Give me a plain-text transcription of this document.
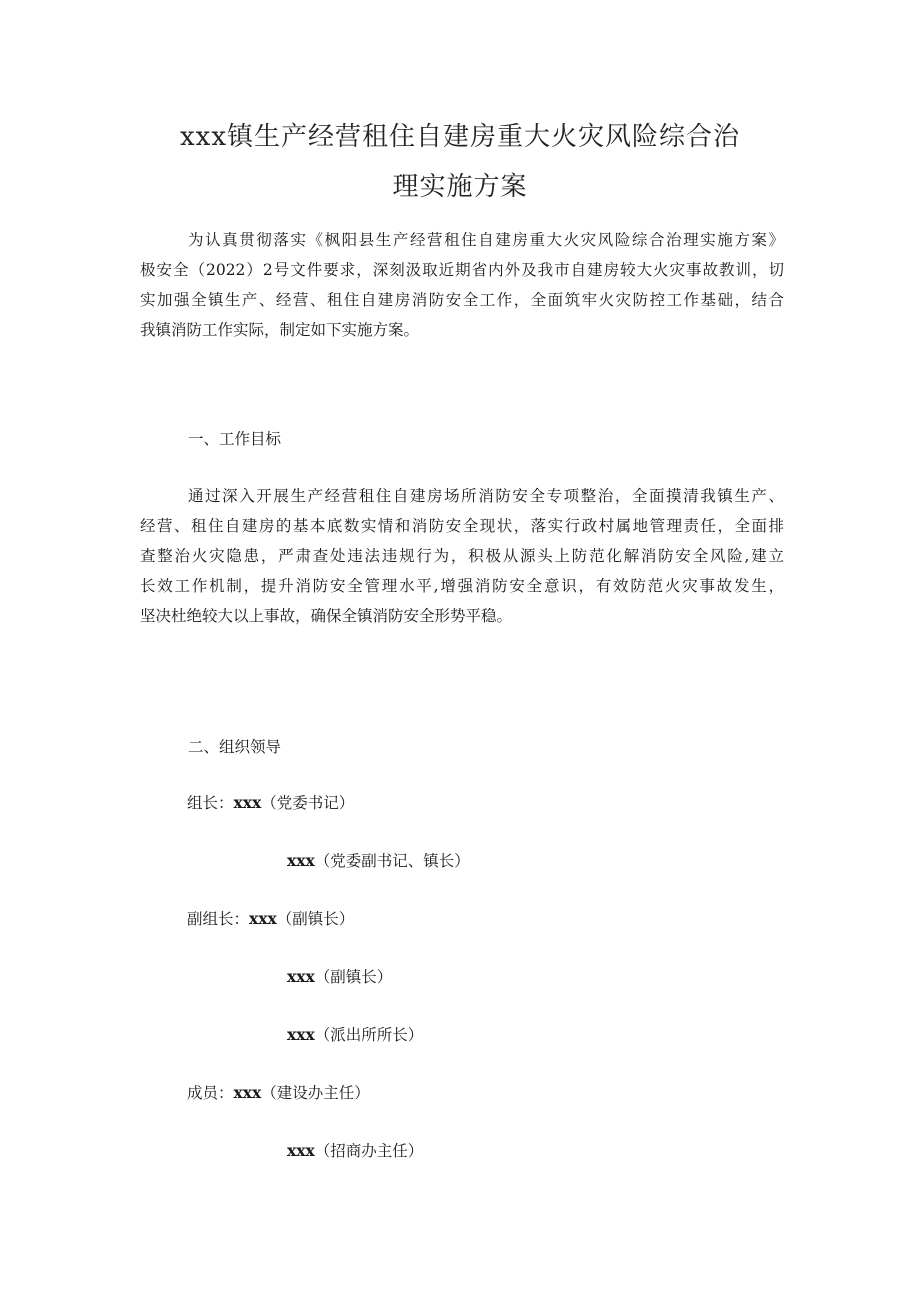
xxx镇生产经营租住自建房重大火灾风险综合治
理实施方案
为认真贯彻落实《枫阳县生产经营租住自建房重大火灾风险综合治理实施方案》
极安全（2022）2号文件要求，深刻汲取近期省内外及我市自建房较大火灾事故教训，切
实加强全镇生产、经营、租住自建房消防安全工作，全面筑牢火灾防控工作基础，结合
我镇消防工作实际，制定如下实施方案。
一、工作目标
通过深入开展生产经营租住自建房场所消防安全专项整治，全面摸清我镇生产、
经营、租住自建房的基本底数实情和消防安全现状，落实行政村属地管理责任，全面排
查整治火灾隐患，严肃查处违法违规行为，积极从源头上防范化解消防安全风险,建立
长效工作机制，提升消防安全管理水平,增强消防安全意识，有效防范火灾事故发生，
坚决杜绝较大以上事故，确保全镇消防安全形势平稳。
二、组织领导
组长：xxx（党委书记）
xxx（党委副书记、镇长）
副组长：xxx（副镇长）
xxx（副镇长）
xxx（派出所所长）
成员：xxx（建设办主任）
xxx（招商办主任）
